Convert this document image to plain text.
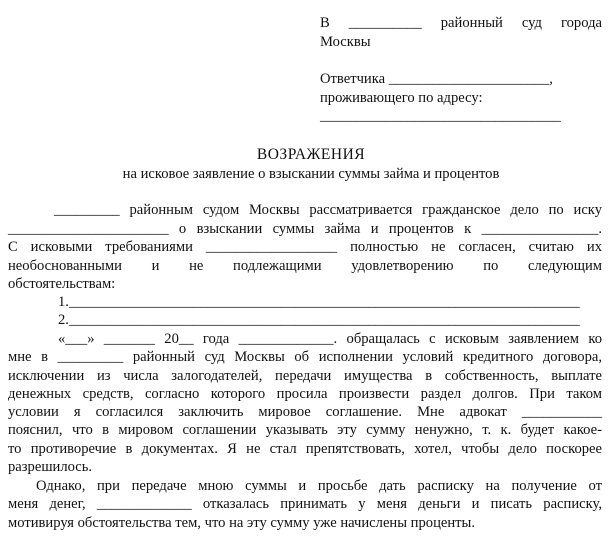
В __________ районный суд города
Москвы
Ответчика ______________________,
проживающего по адресу:
_________________________________
ВОЗРАЖЕНИЯ
на исковое заявление о взыскании суммы займа и процентов
_________ районным судом Москвы рассматривается гражданское дело по иску
______________________ о взыскании суммы займа и процентов к ________________.
С исковыми требованиями __________________ полностью не согласен, считаю их
необоснованными и не подлежащими удовлетворению по следующим
обстоятельствам:
1.______________________________________________________________________
2.______________________________________________________________________
«___» _______ 20__ года _____________. обращалась с исковым заявлением ко
мне в _________ районный суд Москвы об исполнении условий кредитного договора,
исключении из числа залогодателей, передачи имущества в собственность, выплате
денежных средств, согласно которого просила произвести раздел долгов. При таком
условии я согласился заключить мировое соглашение. Мне адвокат ___________
пояснил, что в мировом соглашении указывать эту сумму ненужно, т. к. будет какое-
то противоречие в документах. Я не стал препятствовать, хотел, чтобы дело поскорее
разрешилось.
Однако, при передаче мною суммы и просьбе дать расписку на получение от
меня денег, _____________ отказалась принимать у меня деньги и писать расписку,
мотивируя обстоятельства тем, что на эту сумму уже начислены проценты.
